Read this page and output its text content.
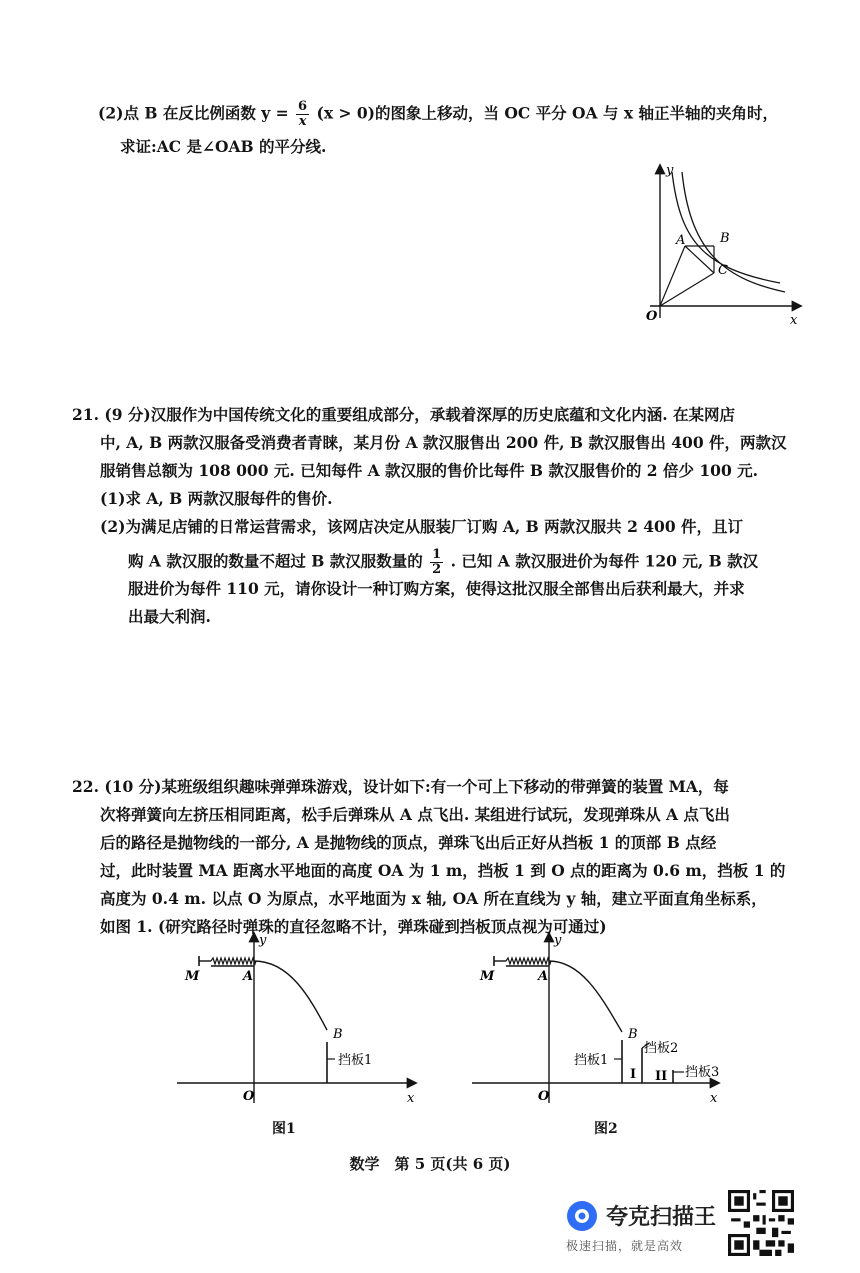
(2)点 B 在反比例函数 $y = \frac{6}{x} (x > 0)$的图象上移动，当 OC 平分 OA 与 x 轴正半轴的夹角时，
求证:AC 是∠OAB 的平分线.
y
x
O
A	B
C
21. (9 分)汉服作为中国传统文化的重要组成部分，承载着深厚的历史底蕴和文化内涵. 在某网店
中, A, B 两款汉服备受消费者青睐，某月份 A 款汉服售出 200 件, B 款汉服售出 400 件，两款汉
服销售总额为 108 000 元. 已知每件 A 款汉服的售价比每件 B 款汉服售价的 2 倍少 100 元.
(1)求 A, B 两款汉服每件的售价.
(2)为满足店铺的日常运营需求，该网店决定从服装厂订购 A, B 两款汉服共 2 400 件，且订
购 A 款汉服的数量不超过 B 款汉服数量的 $\frac{1}{2}$ . 已知 A 款汉服进价为每件 120 元, B 款汉
服进价为每件 110 元，请你设计一种订购方案，使得这批汉服全部售出后获利最大，并求
出最大利润.
22. (10 分)某班级组织趣味弹弹珠游戏，设计如下:有一个可上下移动的带弹簧的装置 MA，每
次将弹簧向左挤压相同距离，松手后弹珠从 A 点飞出. 某组进行试玩，发现弹珠从 A 点飞出
后的路径是抛物线的一部分, A 是抛物线的顶点，弹珠飞出后正好从挡板 1 的顶部 B 点经
过，此时装置 MA 距离水平地面的高度 OA 为 1 m，挡板 1 到 O 点的距离为 0.6 m，挡板 1 的
高度为 0.4 m. 以点 O 为原点，水平地面为 x 轴, OA 所在直线为 y 轴，建立平面直角坐标系，
如图 1. (研究路径时弹珠的直径忽略不计，弹珠碰到挡板顶点视为可通过)
y
x
O
M	A
B
挡板1
图1
y
x
O
M	A
B
挡板1
挡板2
挡板3
I II
图2
数学　第 5 页(共 6 页)
夸克扫描王
极速扫描，就是高效
